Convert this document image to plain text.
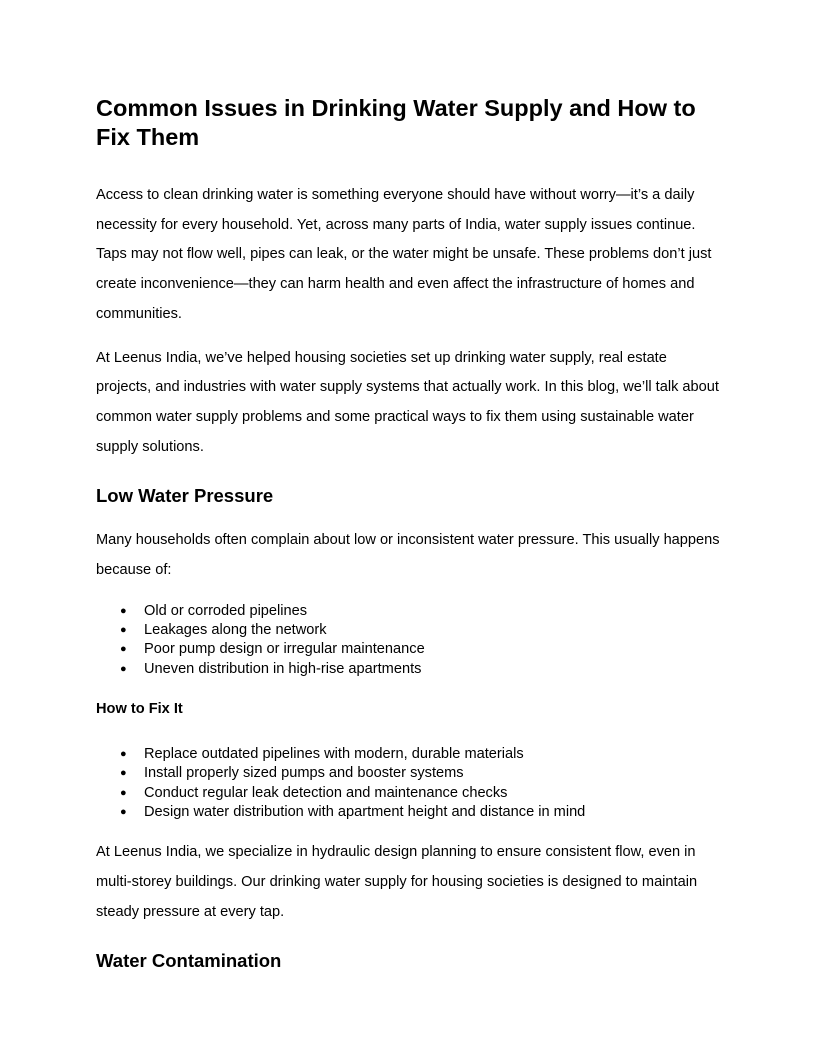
Common Issues in Drinking Water Supply and How to Fix Them

Access to clean drinking water is something everyone should have without worry—it’s a daily necessity for every household. Yet, across many parts of India, water supply issues continue. Taps may not flow well, pipes can leak, or the water might be unsafe. These problems don’t just create inconvenience—they can harm health and even affect the infrastructure of homes and communities.

At Leenus India, we’ve helped housing societies set up drinking water supply, real estate projects, and industries with water supply systems that actually work. In this blog, we’ll talk about common water supply problems and some practical ways to fix them using sustainable water supply solutions.

Low Water Pressure

Many households often complain about low or inconsistent water pressure. This usually happens because of:

● Old or corroded pipelines
● Leakages along the network
● Poor pump design or irregular maintenance
● Uneven distribution in high-rise apartments
How to Fix It
● Replace outdated pipelines with modern, durable materials
● Install properly sized pumps and booster systems
● Conduct regular leak detection and maintenance checks
● Design water distribution with apartment height and distance in mind

At Leenus India, we specialize in hydraulic design planning to ensure consistent flow, even in multi-storey buildings. Our drinking water supply for housing societies is designed to maintain steady pressure at every tap.

Water Contamination
